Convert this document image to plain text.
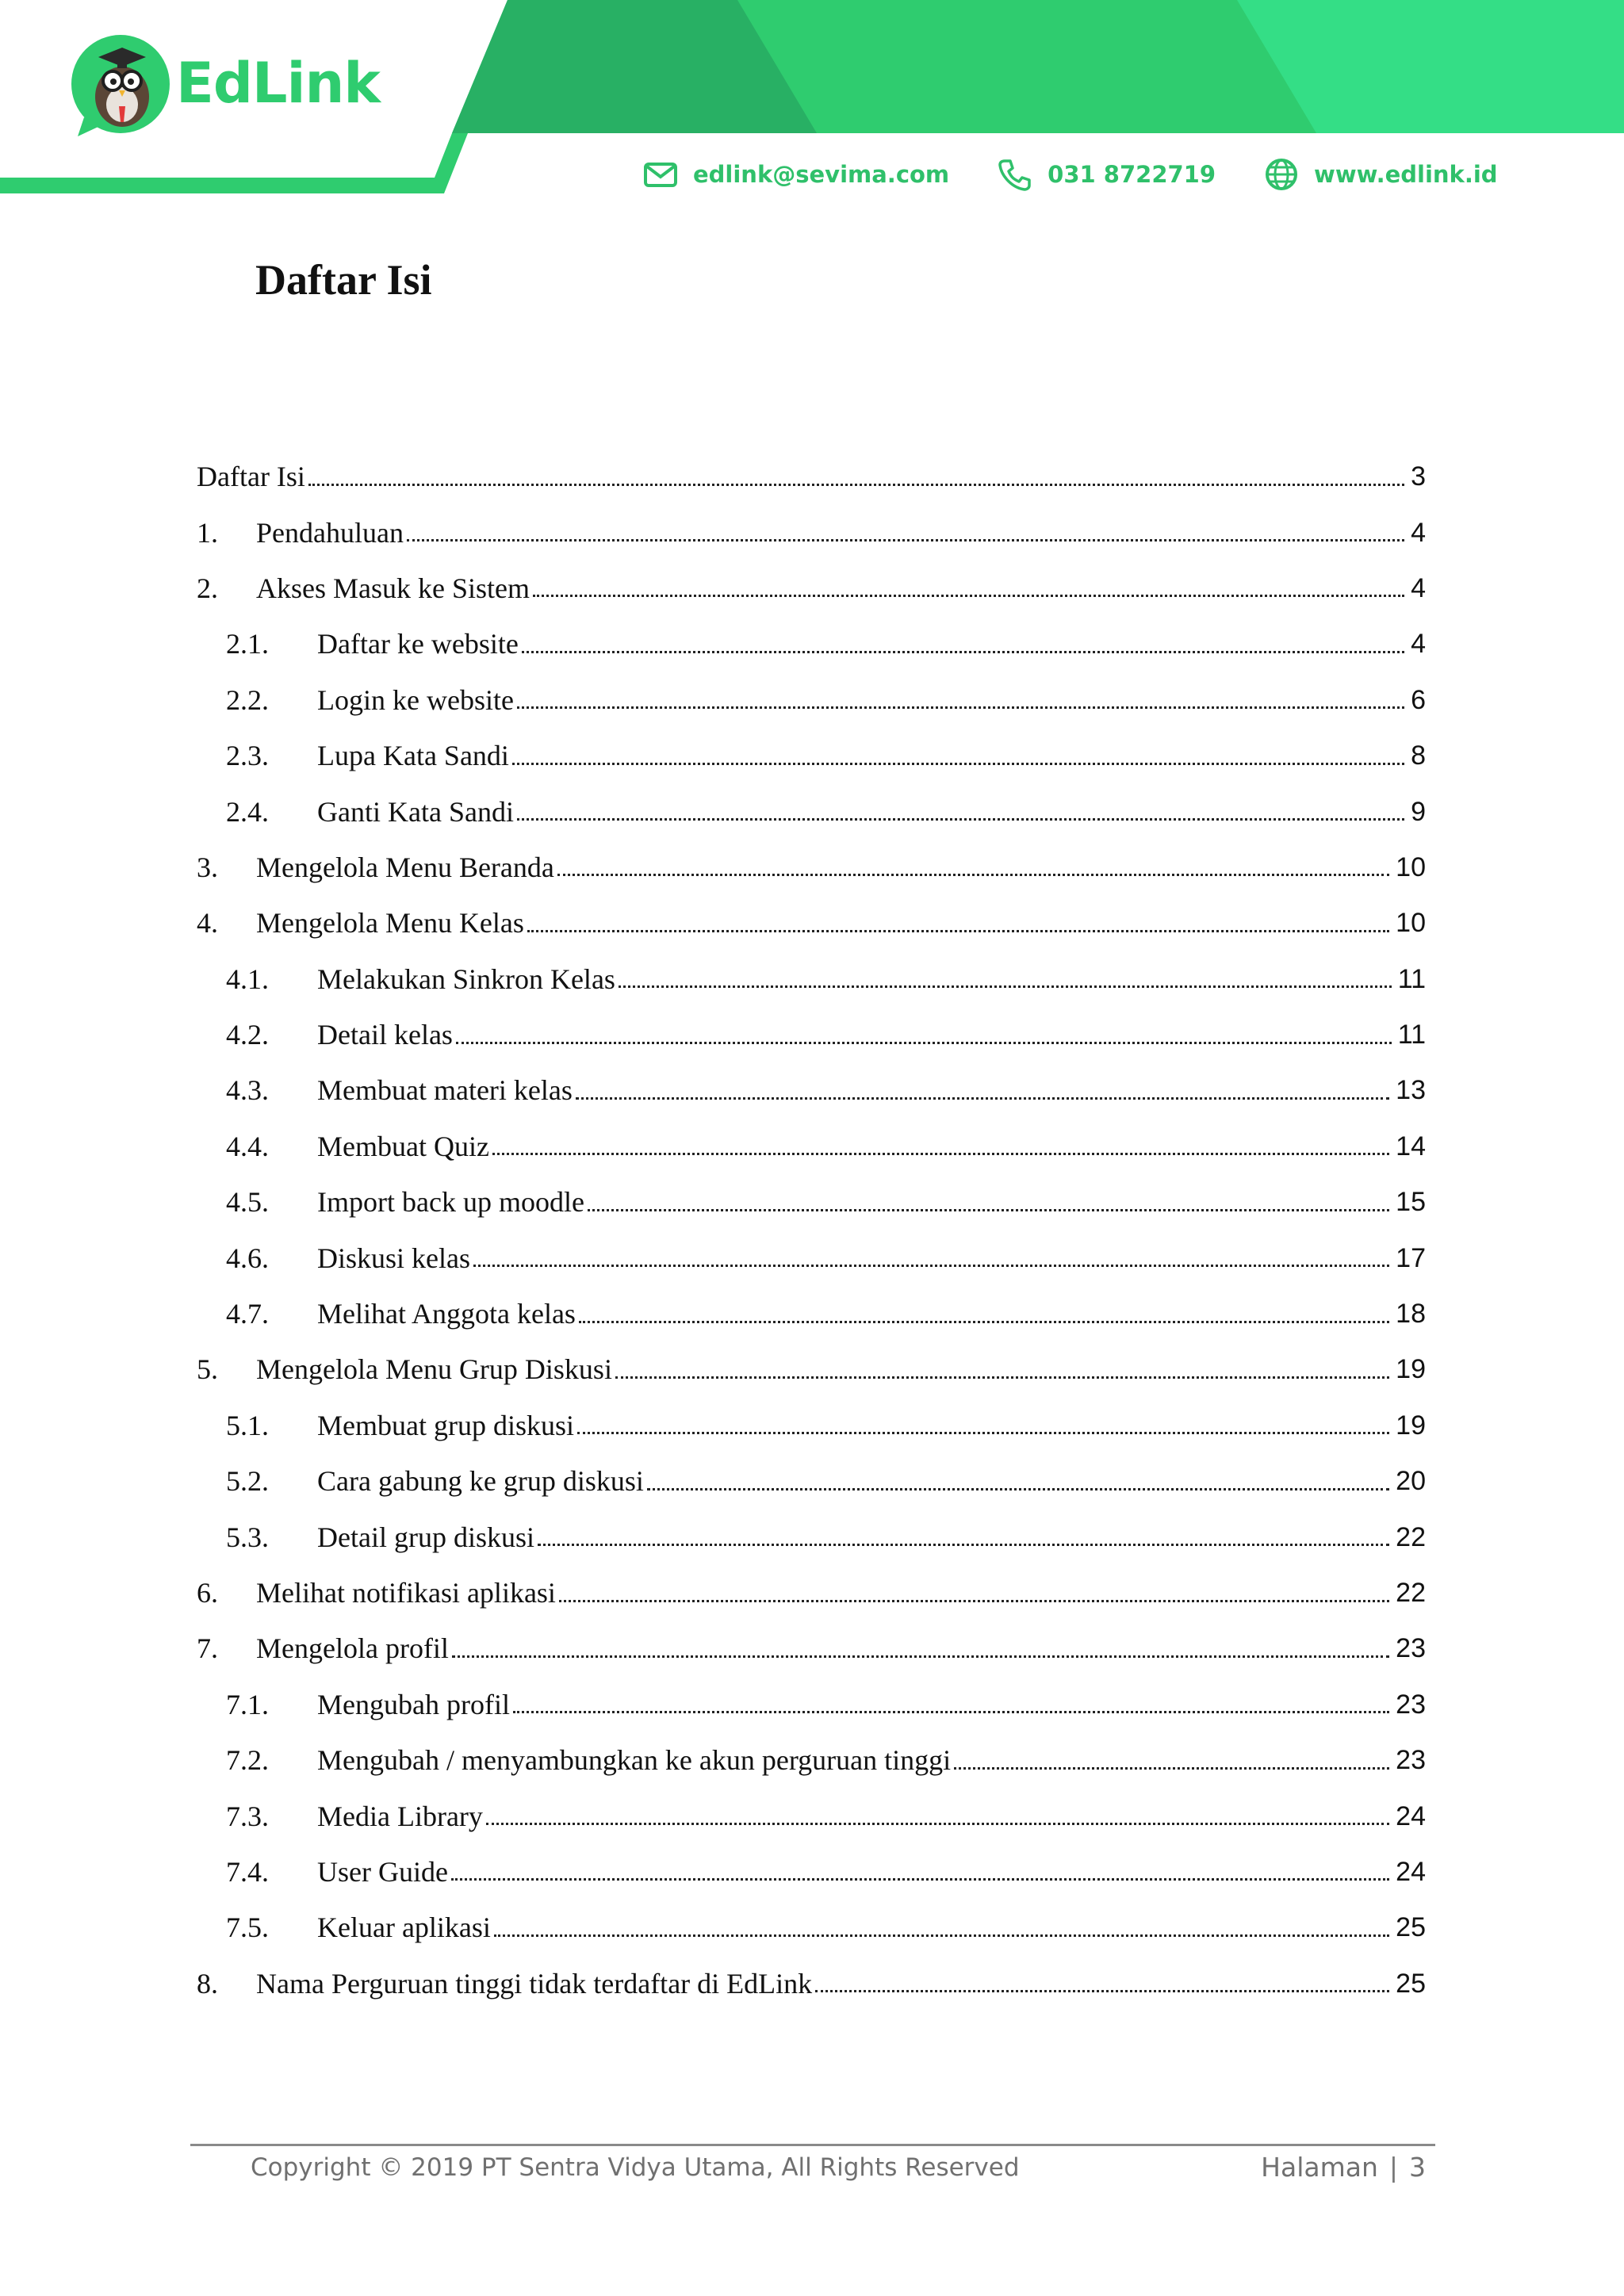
EdLink
edlink@sevima.com	031 8722719	www.edlink.id
Daftar Isi
Daftar Isi	3
1.	Pendahuluan	4
2.	Akses Masuk ke Sistem	4
2.1.	Daftar ke website	4
2.2.	Login ke website	6
2.3.	Lupa Kata Sandi	8
2.4.	Ganti Kata Sandi	9
3.	Mengelola Menu Beranda	10
4.	Mengelola Menu Kelas	10
4.1.	Melakukan Sinkron Kelas	11
4.2.	Detail kelas	11
4.3.	Membuat materi kelas	13
4.4.	Membuat Quiz	14
4.5.	Import back up moodle	15
4.6.	Diskusi kelas	17
4.7.	Melihat Anggota kelas	18
5.	Mengelola Menu Grup Diskusi	19
5.1.	Membuat grup diskusi	19
5.2.	Cara gabung ke grup diskusi	20
5.3.	Detail grup diskusi	22
6.	Melihat notifikasi aplikasi	22
7.	Mengelola profil	23
7.1.	Mengubah profil	23
7.2.	Mengubah / menyambungkan ke akun perguruan tinggi	23
7.3.	Media Library	24
7.4.	User Guide	24
7.5.	Keluar aplikasi	25
8.	Nama Perguruan tinggi tidak terdaftar di EdLink	25
Copyright © 2019 PT Sentra Vidya Utama, All Rights Reserved	Halaman | 3
